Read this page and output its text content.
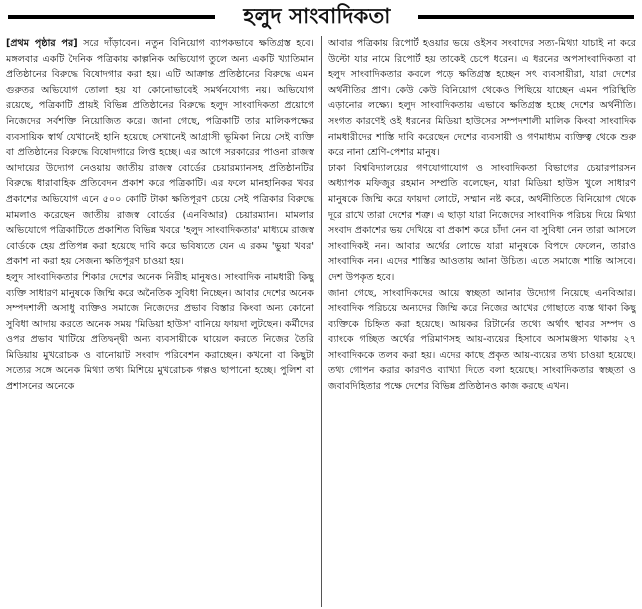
হলুদ সাংবাদিকতা

[প্রথম পৃষ্ঠার পর] সরে দাঁড়াবেন। নতুন বিনিয়োগ ব্যাপকভাবে ক্ষতিগ্রস্ত হবে। মঙ্গলবার একটি দৈনিক পত্রিকায় কাল্পনিক অভিযোগ তুলে অন্য একটি খ্যাতিমান প্রতিষ্ঠানের বিরুদ্ধে বিষোদগার করা হয়। এটি আক্রান্ত প্রতিষ্ঠানের বিরুদ্ধে এমন গুরুতর অভিযোগ তোলা হয় যা কোনোভাবেই সমর্থনযোগ্য নয়। অভিযোগ রয়েছে, পত্রিকাটি প্রায়ই বিভিন্ন প্রতিষ্ঠানের বিরুদ্ধে হলুদ সাংবাদিকতা প্রয়োগে নিজেদের সর্বশক্তি নিয়োজিত করে। জানা গেছে, পত্রিকাটি তার মালিকপক্ষের ব্যবসায়িক স্বার্থ যেখানেই হানি হয়েছে সেখানেই আগ্রাসী ভূমিকা নিয়ে সেই ব্যক্তি বা প্রতিষ্ঠানের বিরুদ্ধে বিষোদগারে লিপ্ত হচ্ছে। এর আগে সরকারের পাওনা রাজস্ব আদায়ের উদ্যোগ নেওয়ায় জাতীয় রাজস্ব বোর্ডের চেয়ারম্যানসহ প্রতিষ্ঠানটির বিরুদ্ধে ধারাবাহিক প্রতিবেদন প্রকাশ করে পত্রিকাটি। এর ফলে মানহানিকর খবর প্রকাশের অভিযোগ এনে ৫০০ কোটি টাকা ক্ষতিপূরণ চেয়ে সেই পত্রিকার বিরুদ্ধে মামলাও করেছেন জাতীয় রাজস্ব বোর্ডের (এনবিআর) চেয়ারম্যান। মামলার অভিযোগে পত্রিকাটিতে প্রকাশিত বিভিন্ন খবরে 'হলুদ সাংবাদিকতার' মাধ্যমে রাজস্ব বোর্ডকে হেয় প্রতিপন্ন করা হয়েছে দাবি করে ভবিষ্যতে যেন এ রকম 'ভুয়া খবর' প্রকাশ না করা হয় সেজন্য ক্ষতিপূরণ চাওয়া হয়।

হলুদ সাংবাদিকতার শিকার দেশের অনেক নিরীহ মানুষও। সাংবাদিক নামধারী কিছু ব্যক্তি সাধারণ মানুষকে জিম্মি করে অনৈতিক সুবিধা নিচ্ছেন। আবার দেশের অনেক সম্পদশালী অসাধু ব্যক্তিও সমাজে নিজেদের প্রভাব বিস্তার কিংবা অন্য কোনো সুবিধা আদায় করতে অনেক সময় 'মিডিয়া হাউস' বানিয়ে ফায়দা লুটছেন। কর্মীদের ওপর প্রভাব খাটিয়ে প্রতিদ্বন্দ্বী অন্য ব্যবসায়ীকে ঘায়েল করতে নিজের তৈরি মিডিয়ায় মুখরোচক ও বানোয়াট সংবাদ পরিবেশন করাচ্ছেন। কখনো বা কিছুটা সত্যের সঙ্গে অনেক মিথ্যা তথ্য মিশিয়ে মুখরোচক গল্পও ছাপানো হচ্ছে। পুলিশ বা প্রশাসনের অনেকে

আবার পত্রিকায় রিপোর্ট হওয়ার ভয়ে ওইসব সংবাদের সত্য-মিথ্যা যাচাই না করে উল্টো যার নামে রিপোর্ট হয় তাকেই চেপে ধরেন। এ ধরনের অপসাংবাদিকতা বা হলুদ সাংবাদিকতার কবলে পড়ে ক্ষতিগ্রস্ত হচ্ছেন সৎ ব্যবসায়ীরা, যারা দেশের অর্থনীতির প্রাণ। কেউ কেউ বিনিয়োগ থেকেও পিছিয়ে যাচ্ছেন এমন পরিস্থিতি এড়ানোর লক্ষ্যে। হলুদ সাংবাদিকতায় এভাবে ক্ষতিগ্রস্ত হচ্ছে দেশের অর্থনীতি। সংগত কারণেই ওই ধরনের মিডিয়া হাউসের সম্পদশালী মালিক কিংবা সাংবাদিক নামধারীদের শাস্তি দাবি করেছেন দেশের ব্যবসায়ী ও গণমাধ্যম ব্যক্তিত্ব থেকে শুরু করে নানা শ্রেণি-পেশার মানুষ।

ঢাকা বিশ্ববিদ্যালয়ের গণযোগাযোগ ও সাংবাদিকতা বিভাগের চেয়ারপারসন অধ্যাপক মফিজুর রহমান সম্প্রতি বলেছেন, যারা মিডিয়া হাউস খুলে সাধারণ মানুষকে জিম্মি করে ফায়দা লোটে, সম্মান নষ্ট করে, অর্থনীতিতে বিনিয়োগ থেকে দূরে রাখে তারা দেশের শত্রু। এ ছাড়া যারা নিজেদের সাংবাদিক পরিচয় দিয়ে মিথ্যা সংবাদ প্রকাশের ভয় দেখিয়ে বা প্রকাশ করে চাঁদা নেন বা সুবিধা নেন তারা আসলে সাংবাদিকই নন। আবার অর্থের লোভে যারা মানুষকে বিপদে ফেলেন, তারাও সাংবাদিক নন। এদের শাস্তির আওতায় আনা উচিত। এতে সমাজে শান্তি আসবে। দেশ উপকৃত হবে।

জানা গেছে, সাংবাদিকদের আয়ে স্বচ্ছতা আনার উদ্যোগ নিয়েছে এনবিআর। সাংবাদিক পরিচয়ে অন্যদের জিম্মি করে নিজের আখের গোছাতে ব্যস্ত থাকা কিছু ব্যক্তিকে চিহ্নিত করা হয়েছে। আয়কর রিটার্নের তথ্যে অর্থাৎ স্থাবর সম্পদ ও ব্যাংকে গচ্ছিত অর্থের পরিমাণসহ আয়-ব্যয়ের হিসাবে অসামঞ্জস্য থাকায় ২৭ সাংবাদিককে তলব করা হয়। এদের কাছে প্রকৃত আয়-ব্যয়ের তথ্য চাওয়া হয়েছে। তথ্য গোপন করার কারণও ব্যাখ্যা দিতে বলা হয়েছে। সাংবাদিকতার স্বচ্ছতা ও জবাবদিহিতার পক্ষে দেশের বিভিন্ন প্রতিষ্ঠানও কাজ করছে এখন।
